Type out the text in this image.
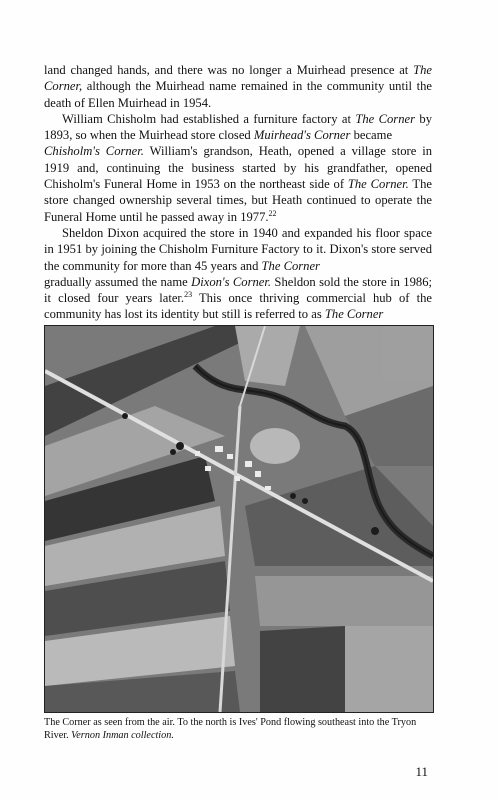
land changed hands, and there was no longer a Muirhead presence at The Corner, although the Muirhead name remained in the community until the death of Ellen Muirhead in 1954.

William Chisholm had established a furniture factory at The Corner by 1893, so when the Muirhead store closed Muirhead's Corner became
Chisholm's Corner. William's grandson, Heath, opened a village store in 1919 and, continuing the business started by his grandfather, opened Chisholm's Funeral Home in 1953 on the northeast side of The Corner. The store changed ownership several times, but Heath continued to operate the Funeral Home until he passed away in 1977.22

Sheldon Dixon acquired the store in 1940 and expanded his floor space in 1951 by joining the Chisholm Furniture Factory to it. Dixon's store served the community for more than 45 years and The Corner
gradually assumed the name Dixon's Corner. Sheldon sold the store in 1986; it closed four years later.$^{23}$ This once thriving commercial hub of the community has lost its identity but still is referred to as The Corner

The Corner as seen from the air. To the north is Ives' Pond flowing southeast into the Tryon River. Vernon Inman collection.
11
